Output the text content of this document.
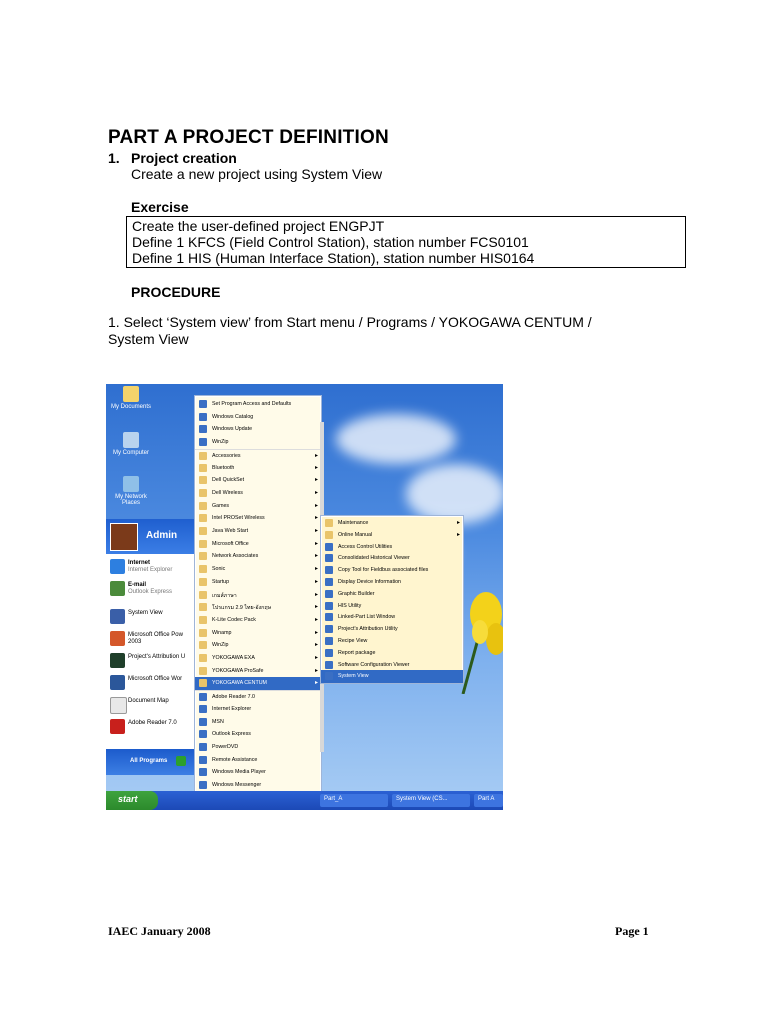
PART A PROJECT DEFINITION
1. Project creation
Create a new project using System View
Exercise
Create the user-defined project ENGPJT
Define 1 KFCS (Field Control Station), station number FCS0101
Define 1 HIS (Human Interface Station), station number HIS0164
PROCEDURE
1. Select ‘System view’ from Start menu / Programs / YOKOGAWA CENTUM /
System View
My Documents
My Computer
My Network Places
Admin
Internet
Internet Explorer
E-mail
Outlook Express
System View
Microsoft Office Pow 2003
Project's Attribution U
Microsoft Office Wor
Document Map
Adobe Reader 7.0
All Programs
Set Program Access and Defaults
Windows Catalog
Windows Update
WinZip
Accessories	▸
Bluetooth	▸
Dell QuickSet	▸
Dell Wireless	▸
Games	▸
Intel PROSet Wireless	▸
Java Web Start	▸
Microsoft Office	▸
Network Associates	▸
Sonic	▸
Startup	▸
เกมส์ภาษา	▸
โปรแกรม 2.9 ไทย-อังกฤษ	▸
K-Lite Codec Pack	▸
Winamp	▸
WinZip	▸
YOKOGAWA EXA	▸
YOKOGAWA ProSafe	▸
YOKOGAWA CENTUM	▸
Adobe Reader 7.0
Internet Explorer
MSN
Outlook Express
PowerDVD
Remote Assistance
Windows Media Player
Windows Messenger
Maintenance	▸
Online Manual	▸
Access Control Utilities
Consolidated Historical Viewer
Copy Tool for Fieldbus associated files
Display Device Information
Graphic Builder
HIS Utility
Linked-Part List Window
Project's Attribution Utility
Recipe View
Report package
Software Configuration Viewer
System View
start	Part_A	System View (CS...	Part A
IAEC January 2008	Page 1
